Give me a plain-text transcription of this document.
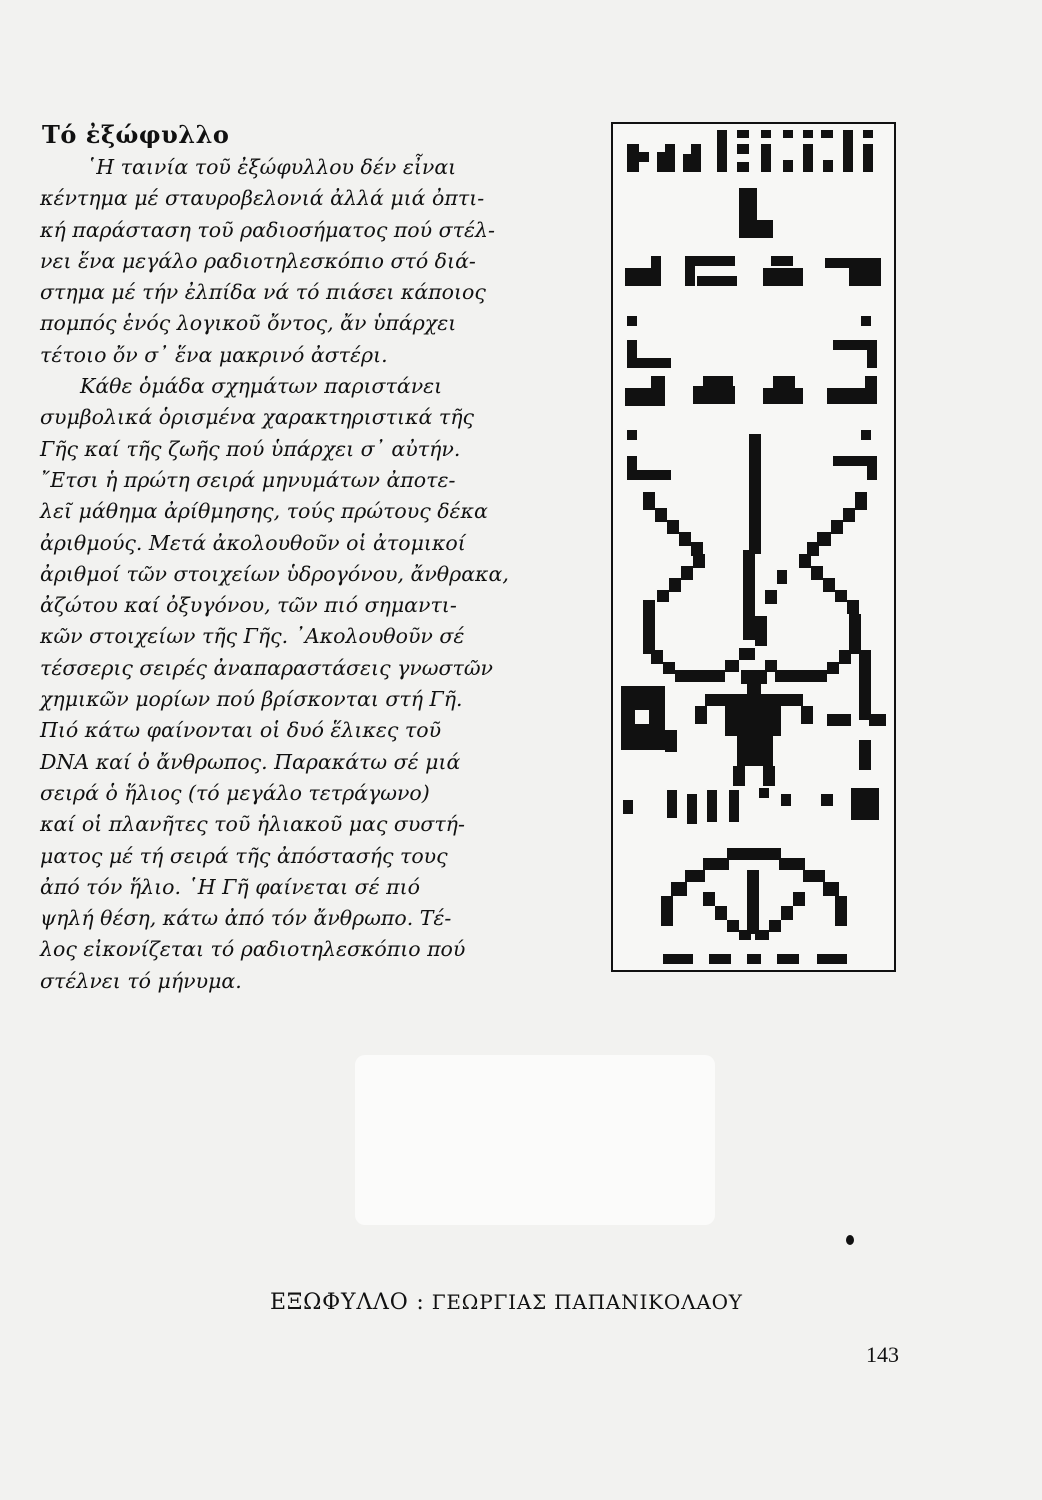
Τό ἐξώφυλλο
῾Η ταινία τοῦ ἐξώφυλλου δέν εἶναι
κέντημα μέ σταυροβελονιά ἀλλά μιά ὀπτι-
κή παράσταση τοῦ ραδιοσήματος πού στέλ-
νει ἕνα μεγάλο ραδιοτηλεσκόπιο στό διά-
στημα μέ τήν ἐλπίδα νά τό πιάσει κάποιος
πομπός ἑνός λογικοῦ ὄντος, ἄν ὑπάρχει
τέτοιο ὄν σ᾿ ἕνα μακρινό ἀστέρι.
Κάθε ὁμάδα σχημάτων παριστάνει
συμβολικά ὁρισμένα χαρακτηριστικά τῆς
Γῆς καί τῆς ζωῆς πού ὑπάρχει σ᾿ αὐτήν.
῎Ετσι ἡ πρώτη σειρά μηνυμάτων ἀποτε-
λεῖ μάθημα ἀρίθμησης, τούς πρώτους δέκα
ἀριθμούς. Μετά ἀκολουθοῦν οἱ ἀτομικοί
ἀριθμοί τῶν στοιχείων ὑδρογόνου, ἄνθρακα,
ἀζώτου καί ὀξυγόνου, τῶν πιό σημαντι-
κῶν στοιχείων τῆς Γῆς. ᾿Ακολουθοῦν σέ
τέσσερις σειρές ἀναπαραστάσεις γνωστῶν
χημικῶν μορίων πού βρίσκονται στή Γῆ.
Πιό κάτω φαίνονται οἱ δυό ἕλικες τοῦ
DNA καί ὁ ἄνθρωπος. Παρακάτω σέ μιά
σειρά ὁ ἥλιος (τό μεγάλο τετράγωνο)
καί οἱ πλανῆτες τοῦ ἡλιακοῦ μας συστή-
ματος μέ τή σειρά τῆς ἀπόστασής τους
ἀπό τόν ἥλιο. ῾Η Γῆ φαίνεται σέ πιό
ψηλή θέση, κάτω ἀπό τόν ἄνθρωπο. Τέ-
λος εἰκονίζεται τό ραδιοτηλεσκόπιο πού
στέλνει τό μήνυμα.
ΕΞΩΦΥΛΛΟ : ΓΕΩΡΓΙΑΣ ΠΑΠΑΝΙΚΟΛΑΟΥ
143
